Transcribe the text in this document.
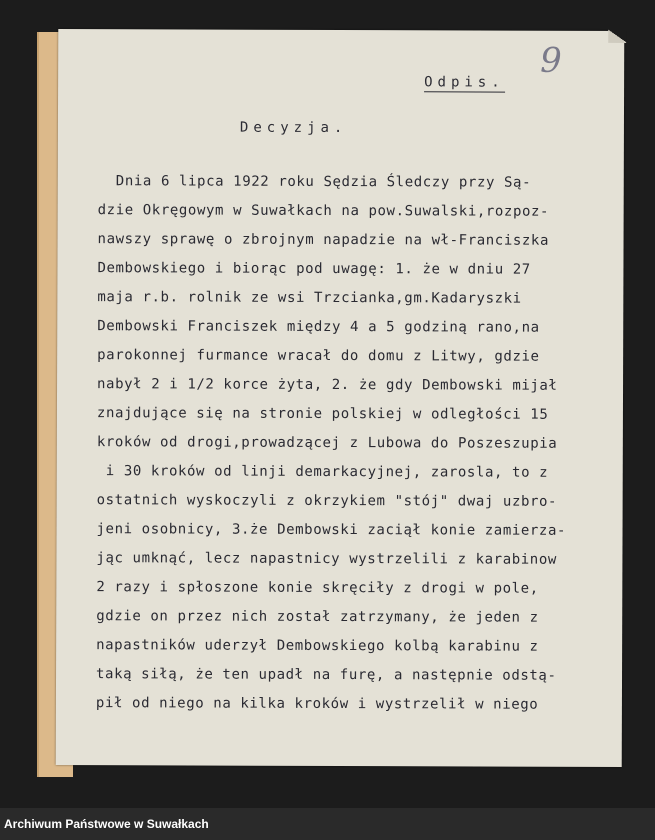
9
Odpis.
Decyzja.
Dnia 6 lipca 1922 roku Sędzia Śledczy przy Są-
dzie Okręgowym w Suwałkach na pow.Suwalski,rozpoz-
nawszy sprawę o zbrojnym napadzie na wł-Franciszka
Dembowskiego i biorąc pod uwagę: 1. że w dniu 27
maja r.b. rolnik ze wsi Trzcianka,gm.Kadaryszki
Dembowski Franciszek między 4 a 5 godziną rano,na
parokonnej furmance wracał do domu z Litwy, gdzie
nabył 2 i 1/2 korce żyta, 2. że gdy Dembowski mijał
znajdujące się na stronie polskiej w odległości 15
kroków od drogi,prowadzącej z Lubowa do Poszeszupia
i 30 kroków od linji demarkacyjnej, zarosla, to z
ostatnich wyskoczyli z okrzykiem "stój" dwaj uzbro-
jeni osobnicy, 3.że Dembowski zaciął konie zamierza-
jąc umknąć, lecz napastnicy wystrzelili z karabinow
2 razy i spłoszone konie skręciły z drogi w pole,
gdzie on przez nich został zatrzymany, że jeden z
napastników uderzył Dembowskiego kolbą karabinu z
taką siłą, że ten upadł na furę, a następnie odstą-
pił od niego na kilka kroków i wystrzelił w niego
Archiwum Państwowe w Suwałkach
